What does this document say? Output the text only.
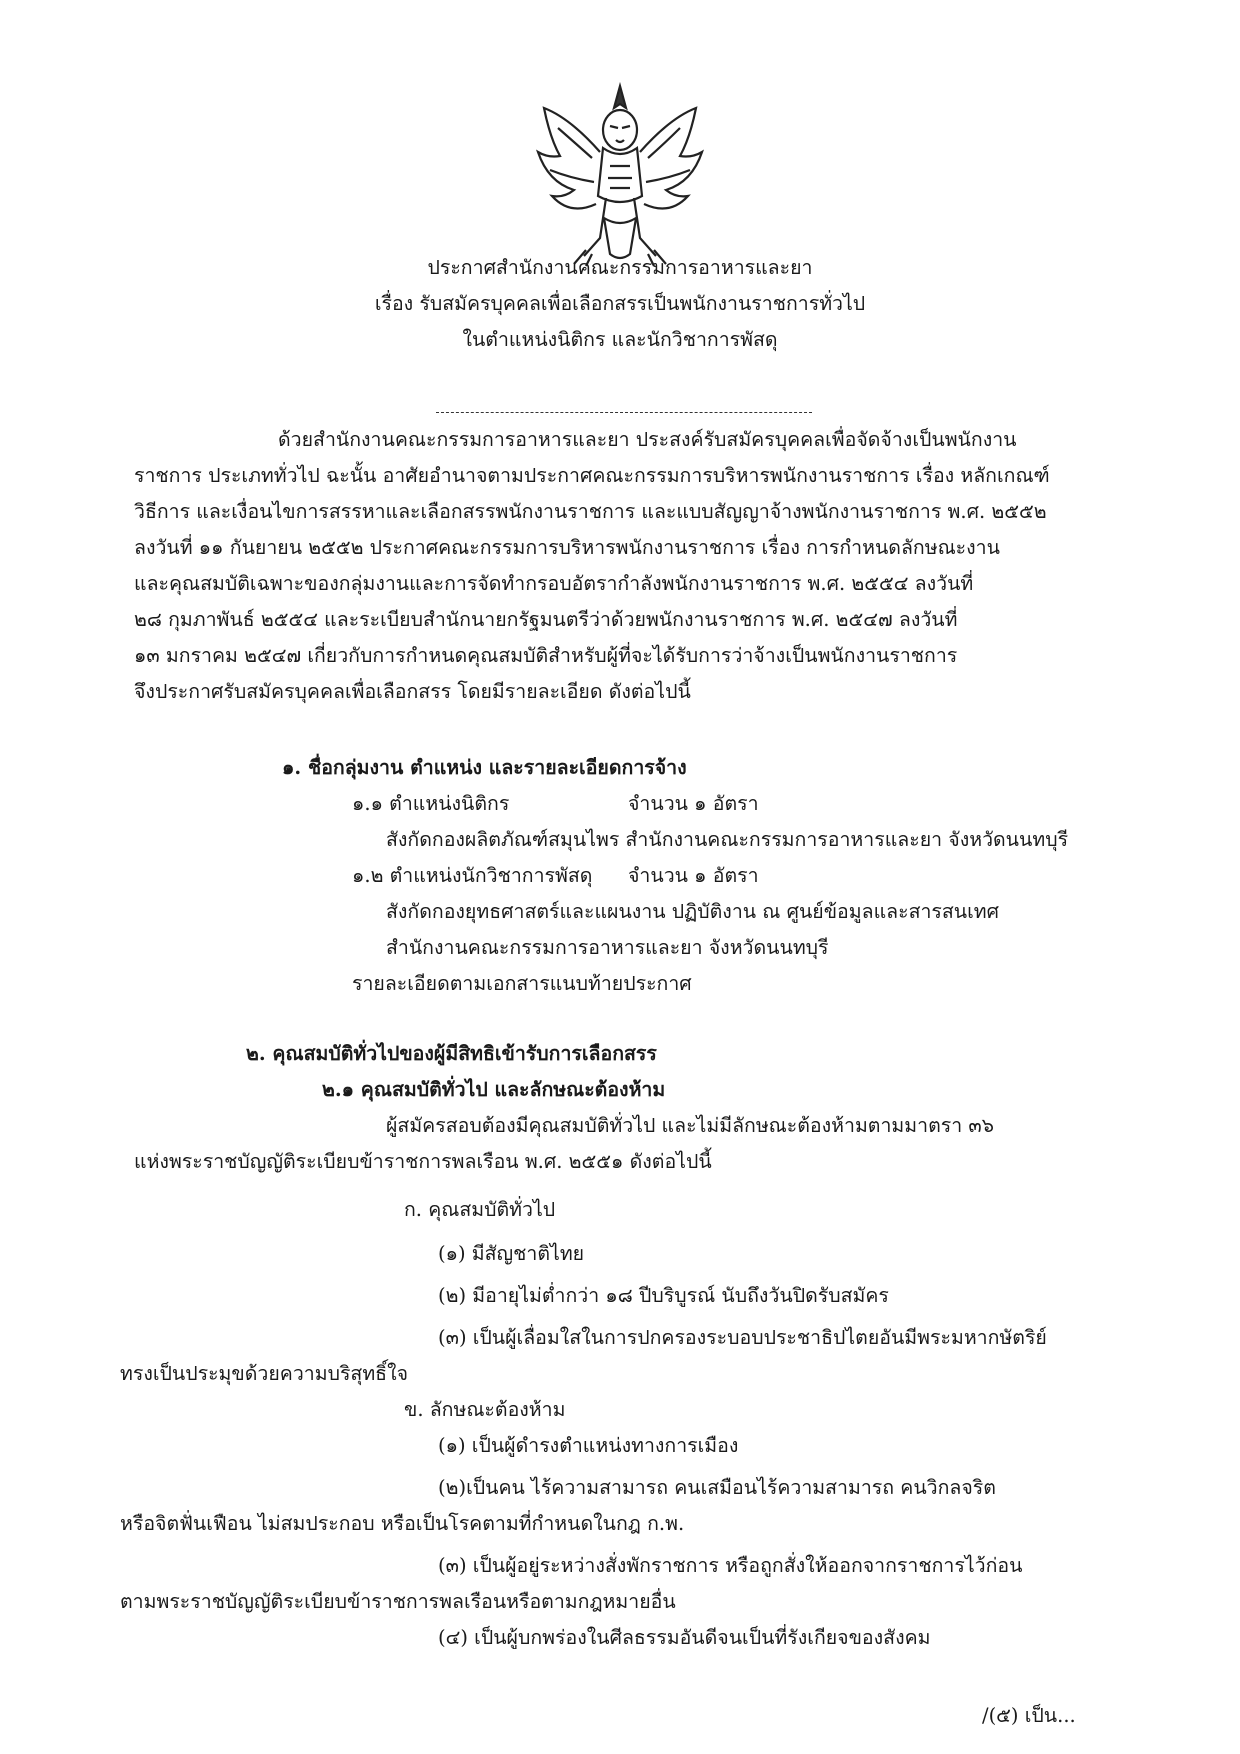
ประกาศสำนักงานคณะกรรมการอาหารและยา
เรื่อง รับสมัครบุคคลเพื่อเลือกสรรเป็นพนักงานราชการทั่วไป
ในตำแหน่งนิติกร และนักวิชาการพัสดุ
ด้วยสำนักงานคณะกรรมการอาหารและยา ประสงค์รับสมัครบุคคลเพื่อจัดจ้างเป็นพนักงาน
ราชการ ประเภททั่วไป ฉะนั้น อาศัยอำนาจตามประกาศคณะกรรมการบริหารพนักงานราชการ เรื่อง หลักเกณฑ์
วิธีการ และเงื่อนไขการสรรหาและเลือกสรรพนักงานราชการ และแบบสัญญาจ้างพนักงานราชการ พ.ศ. ๒๕๕๒
ลงวันที่ ๑๑ กันยายน ๒๕๕๒ ประกาศคณะกรรมการบริหารพนักงานราชการ เรื่อง การกำหนดลักษณะงาน
และคุณสมบัติเฉพาะของกลุ่มงานและการจัดทำกรอบอัตรากำลังพนักงานราชการ พ.ศ. ๒๕๕๔ ลงวันที่
๒๘ กุมภาพันธ์ ๒๕๕๔ และระเบียบสำนักนายกรัฐมนตรีว่าด้วยพนักงานราชการ พ.ศ. ๒๕๔๗ ลงวันที่
๑๓ มกราคม ๒๕๔๗ เกี่ยวกับการกำหนดคุณสมบัติสำหรับผู้ที่จะได้รับการว่าจ้างเป็นพนักงานราชการ
จึงประกาศรับสมัครบุคคลเพื่อเลือกสรร โดยมีรายละเอียด ดังต่อไปนี้
๑. ชื่อกลุ่มงาน ตำแหน่ง และรายละเอียดการจ้าง
๑.๑ ตำแหน่งนิติกร	จำนวน ๑ อัตรา
สังกัดกองผลิตภัณฑ์สมุนไพร สำนักงานคณะกรรมการอาหารและยา จังหวัดนนทบุรี
๑.๒ ตำแหน่งนักวิชาการพัสดุ จำนวน ๑ อัตรา
สังกัดกองยุทธศาสตร์และแผนงาน ปฏิบัติงาน ณ ศูนย์ข้อมูลและสารสนเทศ
สำนักงานคณะกรรมการอาหารและยา จังหวัดนนทบุรี
รายละเอียดตามเอกสารแนบท้ายประกาศ
๒. คุณสมบัติทั่วไปของผู้มีสิทธิเข้ารับการเลือกสรร
๒.๑ คุณสมบัติทั่วไป และลักษณะต้องห้าม
ผู้สมัครสอบต้องมีคุณสมบัติทั่วไป และไม่มีลักษณะต้องห้ามตามมาตรา ๓๖
แห่งพระราชบัญญัติระเบียบข้าราชการพลเรือน พ.ศ. ๒๕๕๑ ดังต่อไปนี้
ก. คุณสมบัติทั่วไป
(๑) มีสัญชาติไทย
(๒) มีอายุไม่ต่ำกว่า ๑๘ ปีบริบูรณ์ นับถึงวันปิดรับสมัคร
(๓) เป็นผู้เลื่อมใสในการปกครองระบอบประชาธิปไตยอันมีพระมหากษัตริย์
ทรงเป็นประมุขด้วยความบริสุทธิ์ใจ
ข. ลักษณะต้องห้าม
(๑) เป็นผู้ดำรงตำแหน่งทางการเมือง
(๒)เป็นคน ไร้ความสามารถ คนเสมือนไร้ความสามารถ คนวิกลจริต
หรือจิตฟั่นเฟือน ไม่สมประกอบ หรือเป็นโรคตามที่กำหนดในกฎ ก.พ.
(๓) เป็นผู้อยู่ระหว่างสั่งพักราชการ หรือถูกสั่งให้ออกจากราชการไว้ก่อน
ตามพระราชบัญญัติระเบียบข้าราชการพลเรือนหรือตามกฎหมายอื่น
(๔) เป็นผู้บกพร่องในศีลธรรมอันดีจนเป็นที่รังเกียจของสังคม
/(๕) เป็น...
